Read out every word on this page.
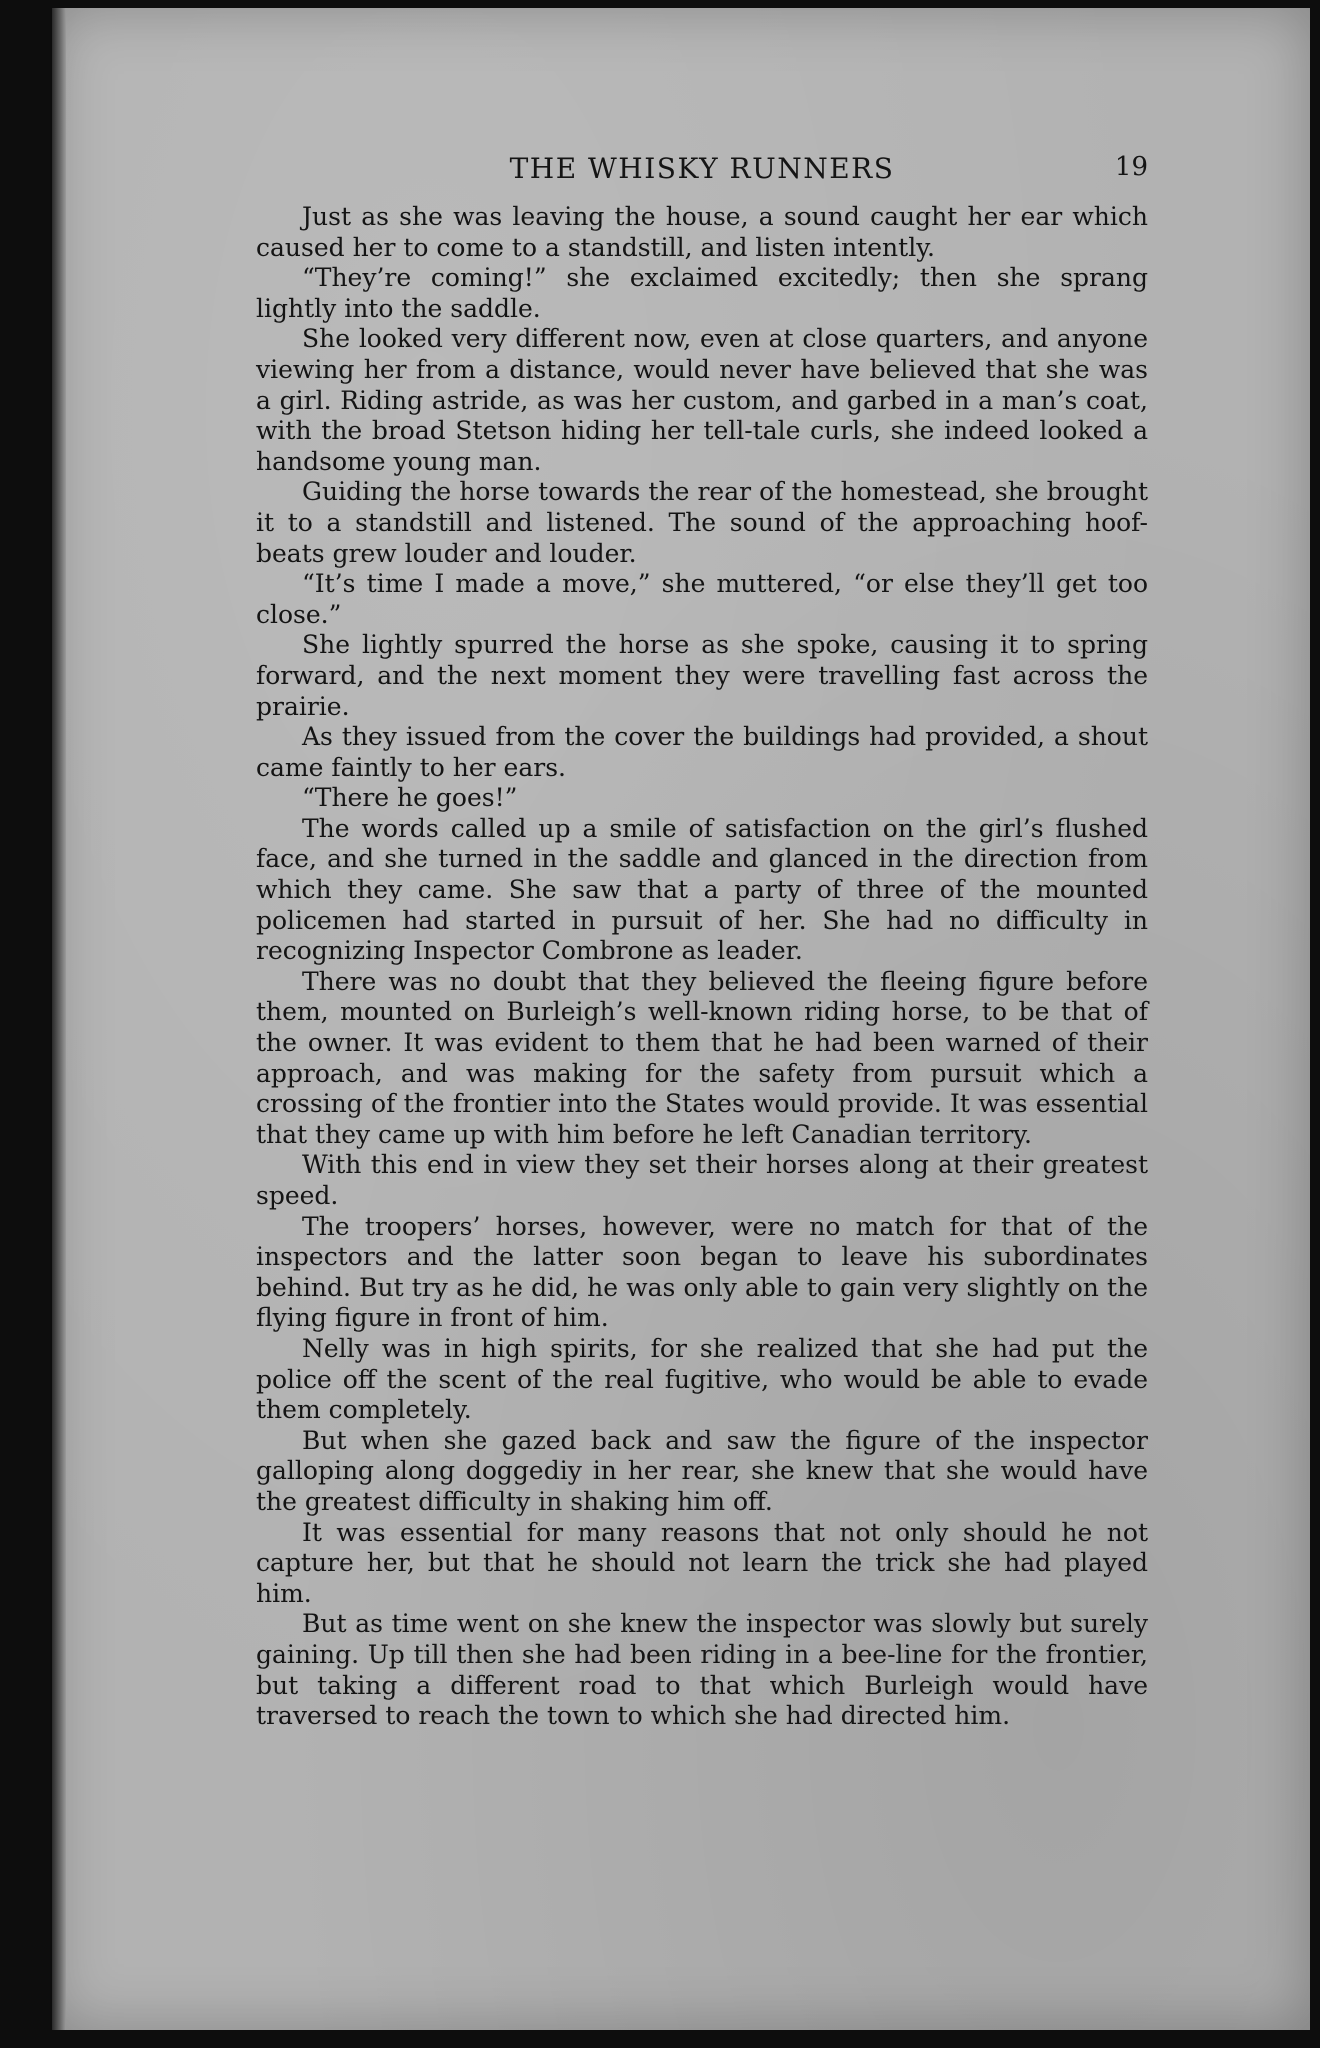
THE WHISKY RUNNERS	19

Just as she was leaving the house, a sound caught her ear which caused her to come to a standstill, and listen intently.

“They’re coming!” she exclaimed excitedly; then she sprang lightly into the saddle.

She looked very different now, even at close quarters, and anyone viewing her from a distance, would never have believed that she was a girl. Riding astride, as was her custom, and garbed in a man’s coat, with the broad Stetson hiding her tell-tale curls, she indeed looked a handsome young man.

Guiding the horse towards the rear of the homestead, she brought it to a standstill and listened. The sound of the approaching hoof-beats grew louder and louder.

“It’s time I made a move,” she muttered, “or else they’ll get too close.”

She lightly spurred the horse as she spoke, causing it to spring forward, and the next moment they were travelling fast across the prairie.

As they issued from the cover the buildings had provided, a shout came faintly to her ears.

“There he goes!”

The words called up a smile of satisfaction on the girl’s flushed face, and she turned in the saddle and glanced in the direction from which they came. She saw that a party of three of the mounted policemen had started in pursuit of her. She had no difficulty in recognizing Inspector Combrone as leader.

There was no doubt that they believed the fleeing figure before them, mounted on Burleigh’s well-known riding horse, to be that of the owner. It was evident to them that he had been warned of their approach, and was making for the safety from pursuit which a crossing of the frontier into the States would provide. It was essential that they came up with him before he left Canadian territory.

With this end in view they set their horses along at their greatest speed.

The troopers’ horses, however, were no match for that of the inspectors and the latter soon began to leave his subordinates behind. But try as he did, he was only able to gain very slightly on the flying figure in front of him.

Nelly was in high spirits, for she realized that she had put the police off the scent of the real fugitive, who would be able to evade them completely.

But when she gazed back and saw the figure of the inspector galloping along doggediy in her rear, she knew that she would have the greatest difficulty in shaking him off.

It was essential for many reasons that not only should he not capture her, but that he should not learn the trick she had played him.

But as time went on she knew the inspector was slowly but surely gaining. Up till then she had been riding in a bee-line for the frontier, but taking a different road to that which Burleigh would have traversed to reach the town to which she had directed him.
